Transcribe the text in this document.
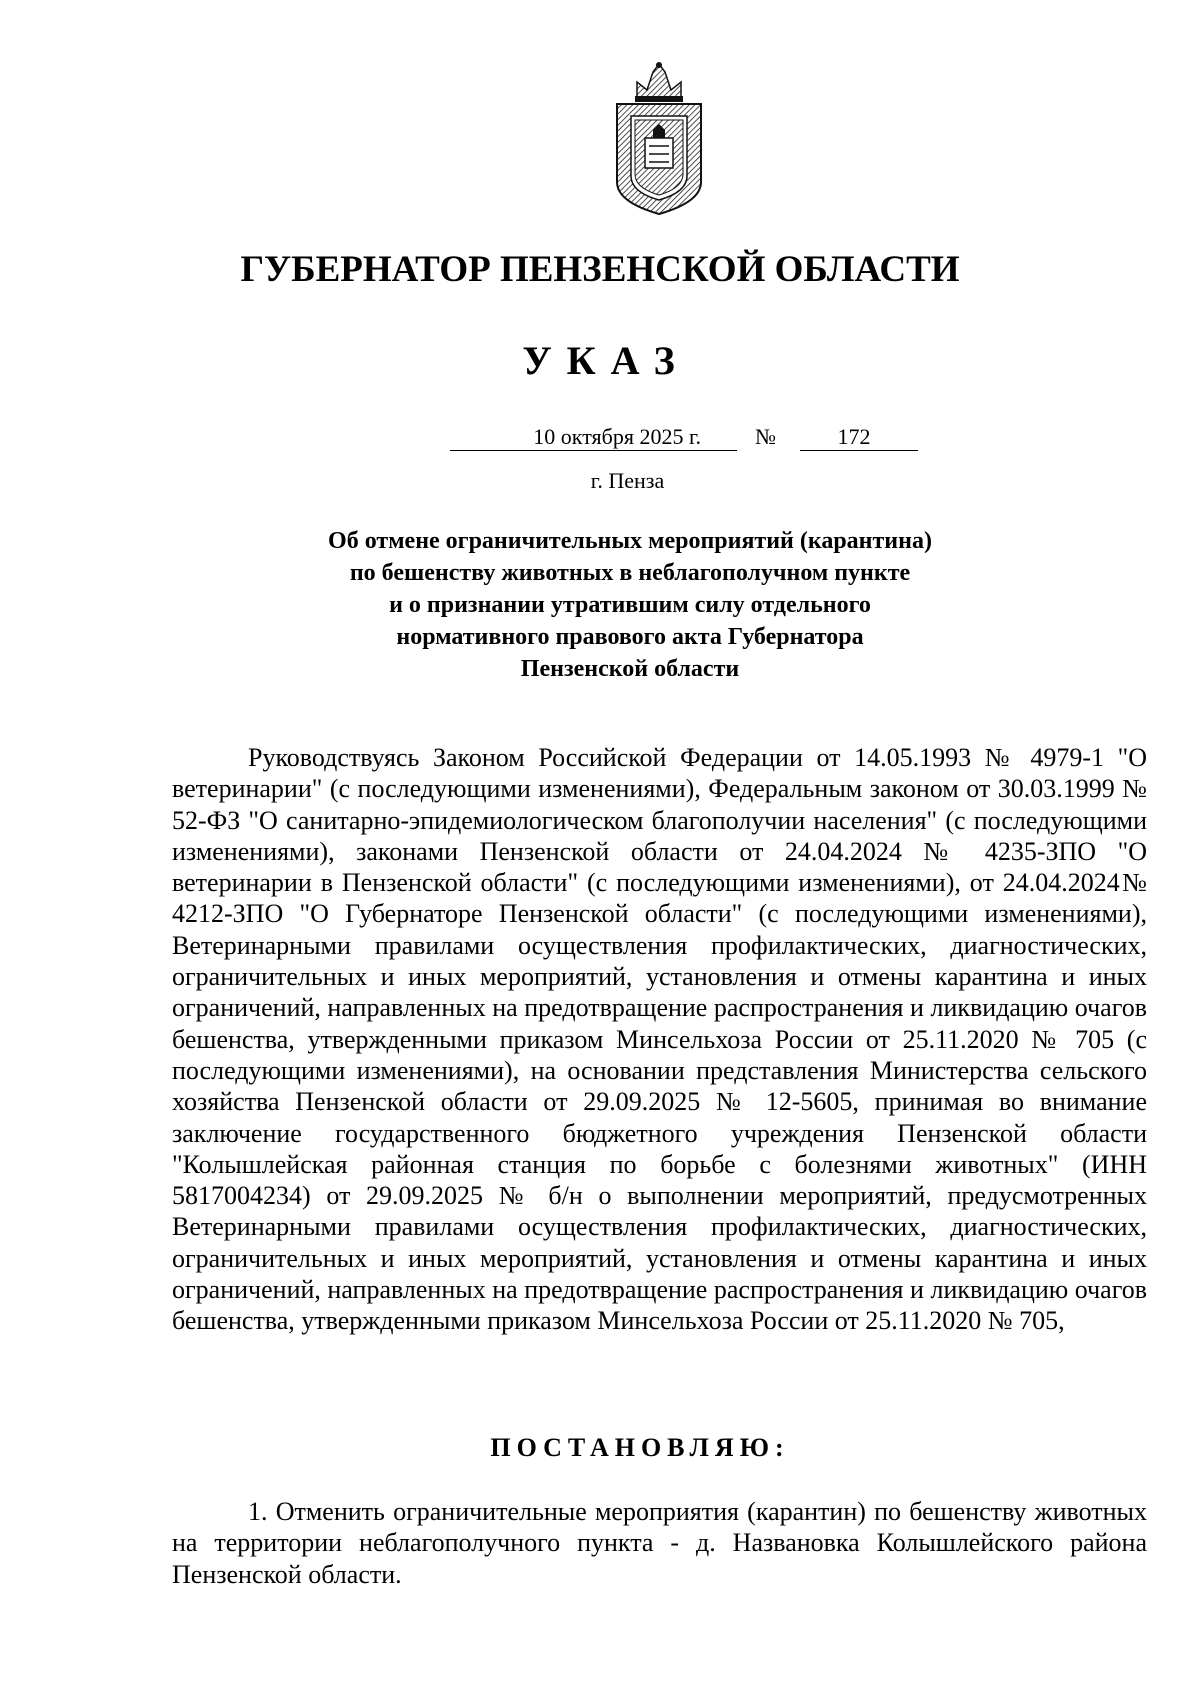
ГУБЕРНАТОР ПЕНЗЕНСКОЙ ОБЛАСТИ
УКАЗ
10 октября 2025 г.	№	172
г. Пенза
Об отмене ограничительных мероприятий (карантина)
по бешенству животных в неблагополучном пункте
и о признании утратившим силу отдельного
нормативного правового акта Губернатора
Пензенской области
Руководствуясь Законом Российской Федерации от 14.05.1993 № 4979-1 "О ветеринарии" (с последующими изменениями), Федеральным законом от 30.03.1999 № 52-ФЗ "О санитарно-эпидемиологическом благополучии населения" (с последующими изменениями), законами Пензенской области от 24.04.2024 № 4235-ЗПО "О ветеринарии в Пензенской области" (с последующими изменениями), от 24.04.2024№ 4212-ЗПО "О Губернаторе Пензенской области" (с последующими изменениями), Ветеринарными правилами осуществления профилактических, диагностических, ограничительных и иных мероприятий, установления и отмены карантина и иных ограничений, направленных на предотвращение распространения и ликвидацию очагов бешенства, утвержденными приказом Минсельхоза России от 25.11.2020 № 705 (с последующими изменениями), на основании представления Министерства сельского хозяйства Пензенской области от 29.09.2025 № 12-5605, принимая во внимание заключение государственного бюджетного учреждения Пензенской области "Колышлейская районная станция по борьбе с болезнями животных" (ИНН 5817004234) от 29.09.2025 № б/н о выполнении мероприятий, предусмотренных Ветеринарными правилами осуществления профилактических, диагностических, ограничительных и иных мероприятий, установления и отмены карантина и иных ограничений, направленных на предотвращение распространения и ликвидацию очагов бешенства, утвержденными приказом Минсельхоза России от 25.11.2020 № 705,
ПОСТАНОВЛЯЮ:
1. Отменить ограничительные мероприятия (карантин) по бешенству животных на территории неблагополучного пункта - д. Названовка Колышлейского района Пензенской области.
